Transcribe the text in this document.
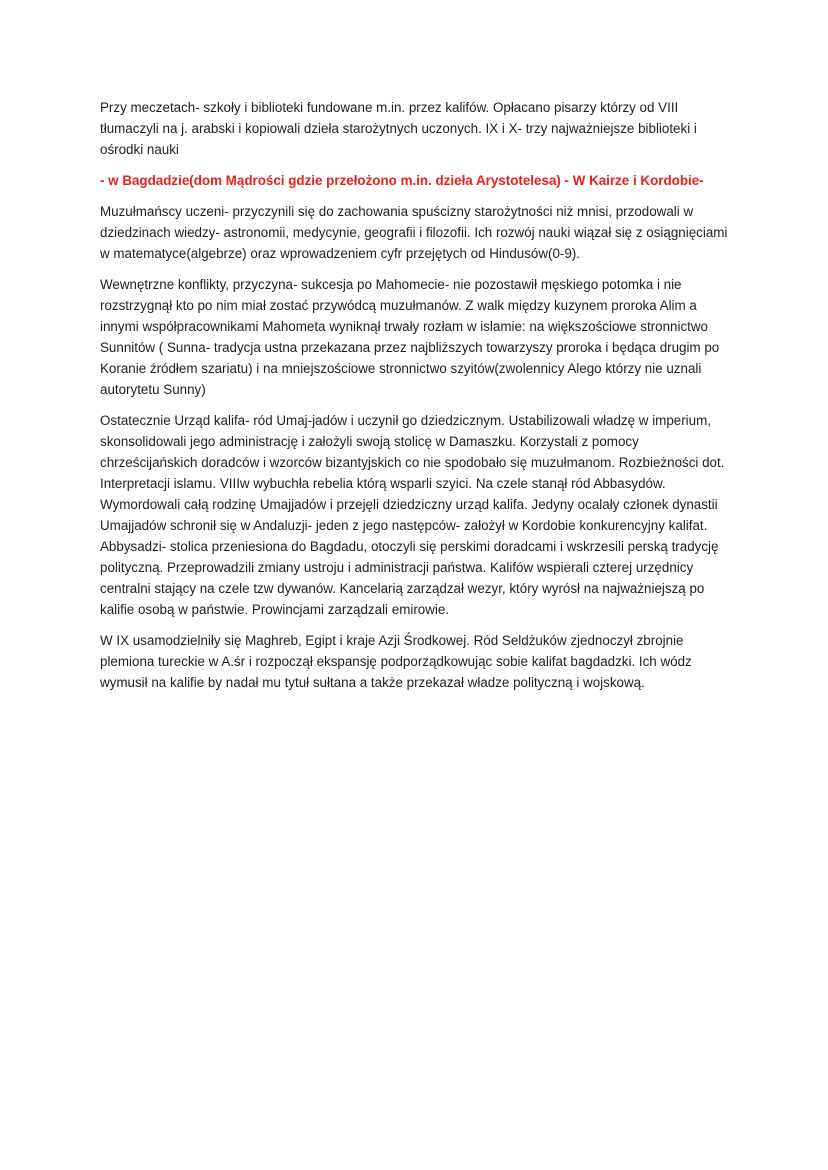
Przy meczetach- szkoły i biblioteki fundowane m.in. przez kalifów. Opłacano pisarzy którzy od VIII tłumaczyli na j. arabski i kopiowali dzieła starożytnych uczonych. IX i X- trzy najważniejsze biblioteki i ośrodki nauki

- w Bagdadzie(dom Mądrości gdzie przełożono m.in. dzieła Arystotelesa) - W Kairze i Kordobie-

Muzułmańscy uczeni- przyczynili się do zachowania spuścizny starożytności niż mnisi, przodowali w dziedzinach wiedzy- astronomii, medycynie, geografii i filozofii. Ich rozwój nauki wiązał się z osiągnięciami w matematyce(algebrze) oraz wprowadzeniem cyfr przejętych od Hindusów(0-9).

Wewnętrzne konflikty, przyczyna- sukcesja po Mahomecie- nie pozostawił męskiego potomka i nie rozstrzygnął kto po nim miał zostać przywódcą muzułmanów. Z walk między kuzynem proroka Alim a innymi współpracownikami Mahometa wyniknął trwały rozłam w islamie: na większościowe stronnictwo Sunnitów ( Sunna- tradycja ustna przekazana przez najbliższych towarzyszy proroka i będąca drugim po Koranie źródłem szariatu) i na mniejszościowe stronnictwo szyitów(zwolennicy Alego którzy nie uznali autorytetu Sunny)

Ostatecznie Urząd kalifa- ród Umaj-jadów i uczynił go dziedzicznym. Ustabilizowali władzę w imperium, skonsolidowali jego administrację i założyli swoją stolicę w Damaszku. Korzystali z pomocy chrześcijańskich doradców i wzorców bizantyjskich co nie spodobało się muzułmanom. Rozbieżności dot. Interpretacji islamu. VIIIw wybuchła rebelia którą wsparli szyici. Na czele stanął ród Abbasydów. Wymordowali całą rodzinę Umajjadów i przejęli dziedziczny urząd kalifa. Jedyny ocalały członek dynastii Umajjadów schronił się w Andaluzji- jeden z jego następców- założył w Kordobie konkurencyjny kalifat. Abbysadzi- stolica przeniesiona do Bagdadu, otoczyli się perskimi doradcami i wskrzesili perską tradycję polityczną. Przeprowadzili zmiany ustroju i administracji państwa. Kalifów wspierali czterej urzędnicy centralni stający na czele tzw dywanów. Kancelarią zarządzał wezyr, który wyrósł na najważniejszą po kalifie osobą w państwie. Prowincjami zarządzali emirowie.

W IX usamodzielniły się Maghreb, Egipt i kraje Azji Środkowej. Ród Seldżuków zjednoczył zbrojnie plemiona tureckie w A.śr i rozpoczął ekspansję podporządkowując sobie kalifat bagdadzki. Ich wódz wymusił na kalifie by nadał mu tytuł sułtana a także przekazał władze polityczną i wojskową.
